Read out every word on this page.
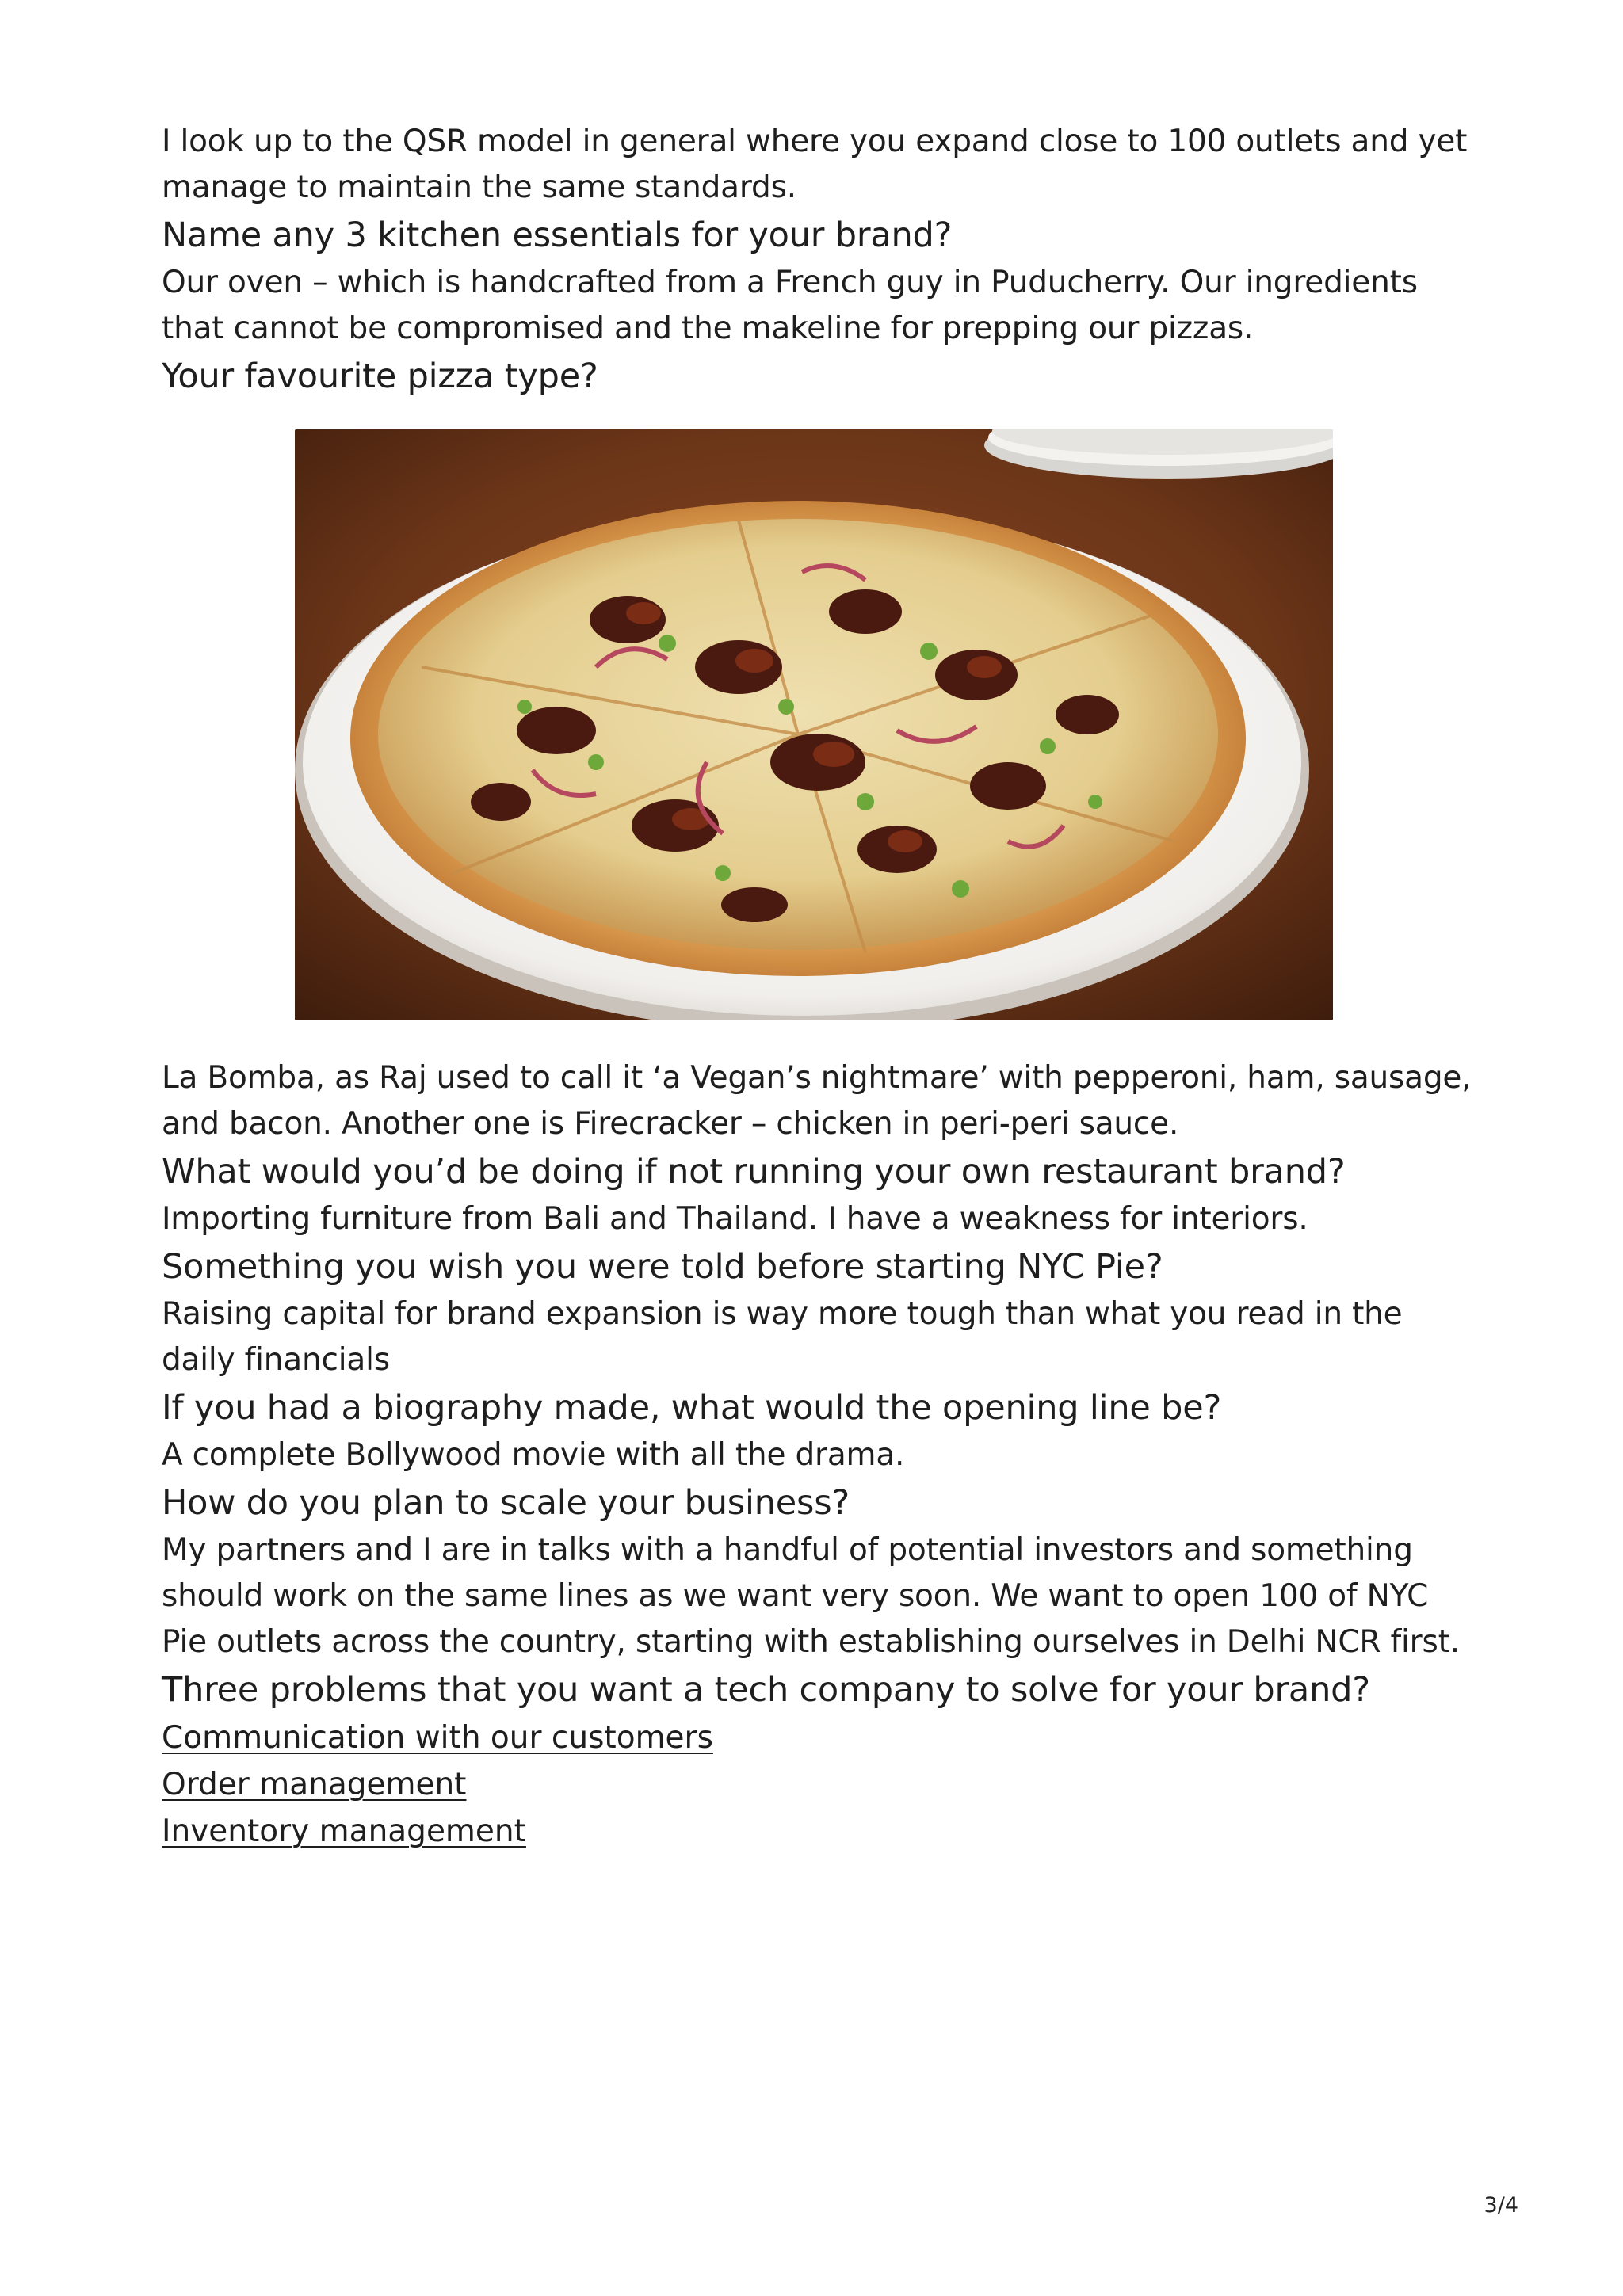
I look up to the QSR model in general where you expand close to 100 outlets and yet manage to maintain the same standards.

Name any 3 kitchen essentials for your brand?

Our oven – which is handcrafted from a French guy in Puducherry. Our ingredients that cannot be compromised and the makeline for prepping our pizzas.

Your favourite pizza type?

La Bomba, as Raj used to call it ‘a Vegan’s nightmare’ with pepperoni, ham, sausage, and bacon. Another one is Firecracker – chicken in peri-peri sauce.

What would you’d be doing if not running your own restaurant brand?

Importing furniture from Bali and Thailand. I have a weakness for interiors.

Something you wish you were told before starting NYC Pie?

Raising capital for brand expansion is way more tough than what you read in the daily financials

If you had a biography made, what would the opening line be?

A complete Bollywood movie with all the drama.

How do you plan to scale your business?

My partners and I are in talks with a handful of potential investors and something should work on the same lines as we want very soon. We want to open 100 of NYC Pie outlets across the country, starting with establishing ourselves in Delhi NCR first.

Three problems that you want a tech company to solve for your brand?
Communication with our customers
Order management
Inventory management
3/4
